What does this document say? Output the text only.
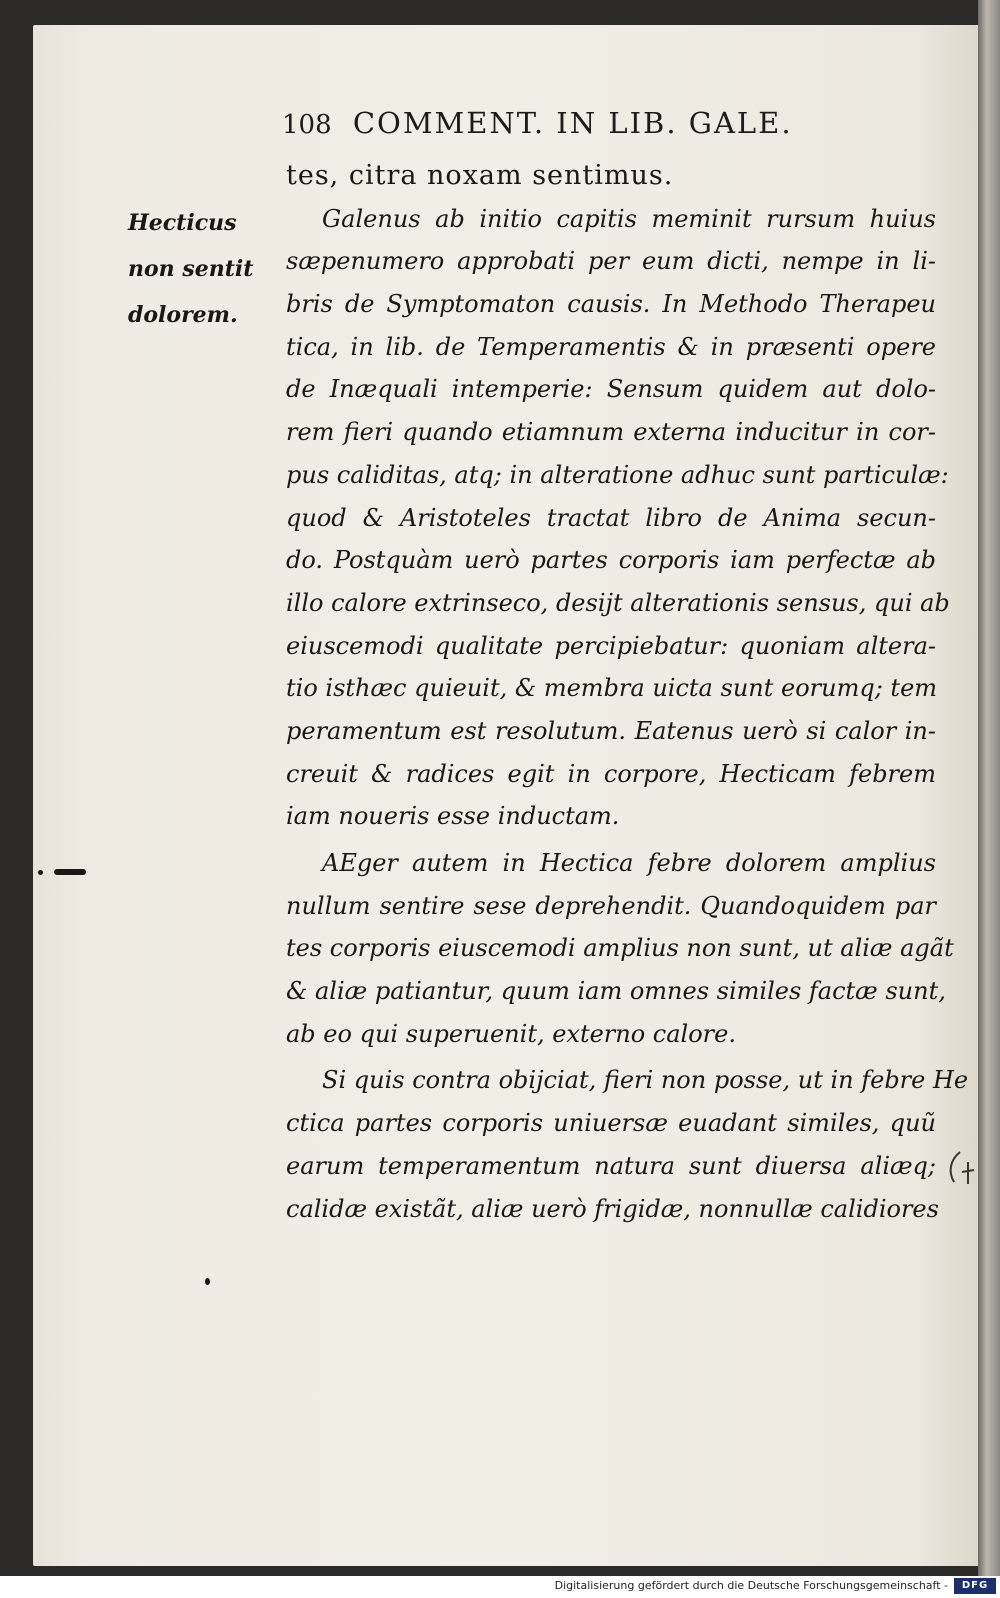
108 COMMENT. IN LIB. GALE.
Hecticus
non sentit
dolorem.
tes, citra noxam sentimus.
Galenus ab initio capitis meminit rursum huius
sæpenumero approbati per eum dicti, nempe in li-
bris de Symptomaton causis. In Methodo Therapeu
tica, in lib. de Temperamentis & in præsenti opere
de Inæquali intemperie: Sensum quidem aut dolo-
rem fieri quando etiamnum externa inducitur in cor-
pus caliditas, atq; in alteratione adhuc sunt particulæ:
quod & Aristoteles tractat libro de Anima secun-
do. Postquàm uerò partes corporis iam perfectæ ab
illo calore extrinseco, desijt alterationis sensus, qui ab
eiuscemodi qualitate percipiebatur: quoniam altera-
tio isthæc quieuit, & membra uicta sunt eorumq; tem
peramentum est resolutum. Eatenus uerò si calor in-
creuit & radices egit in corpore, Hecticam febrem
iam noueris esse inductam.
AEger autem in Hectica febre dolorem amplius
nullum sentire sese deprehendit. Quandoquidem par
tes corporis eiuscemodi amplius non sunt, ut aliæ agãt
& aliæ patiantur, quum iam omnes similes factæ sunt,
ab eo qui superuenit, externo calore.
Si quis contra obijciat, fieri non posse, ut in febre He
ctica partes corporis uniuersæ euadant similes, quũ
earum temperamentum natura sunt diuersa aliæq;
calidæ existãt, aliæ uerò frigidæ, nonnullæ calidiores
Digitalisierung gefördert durch die Deutsche Forschungsgemeinschaft -	DFG
